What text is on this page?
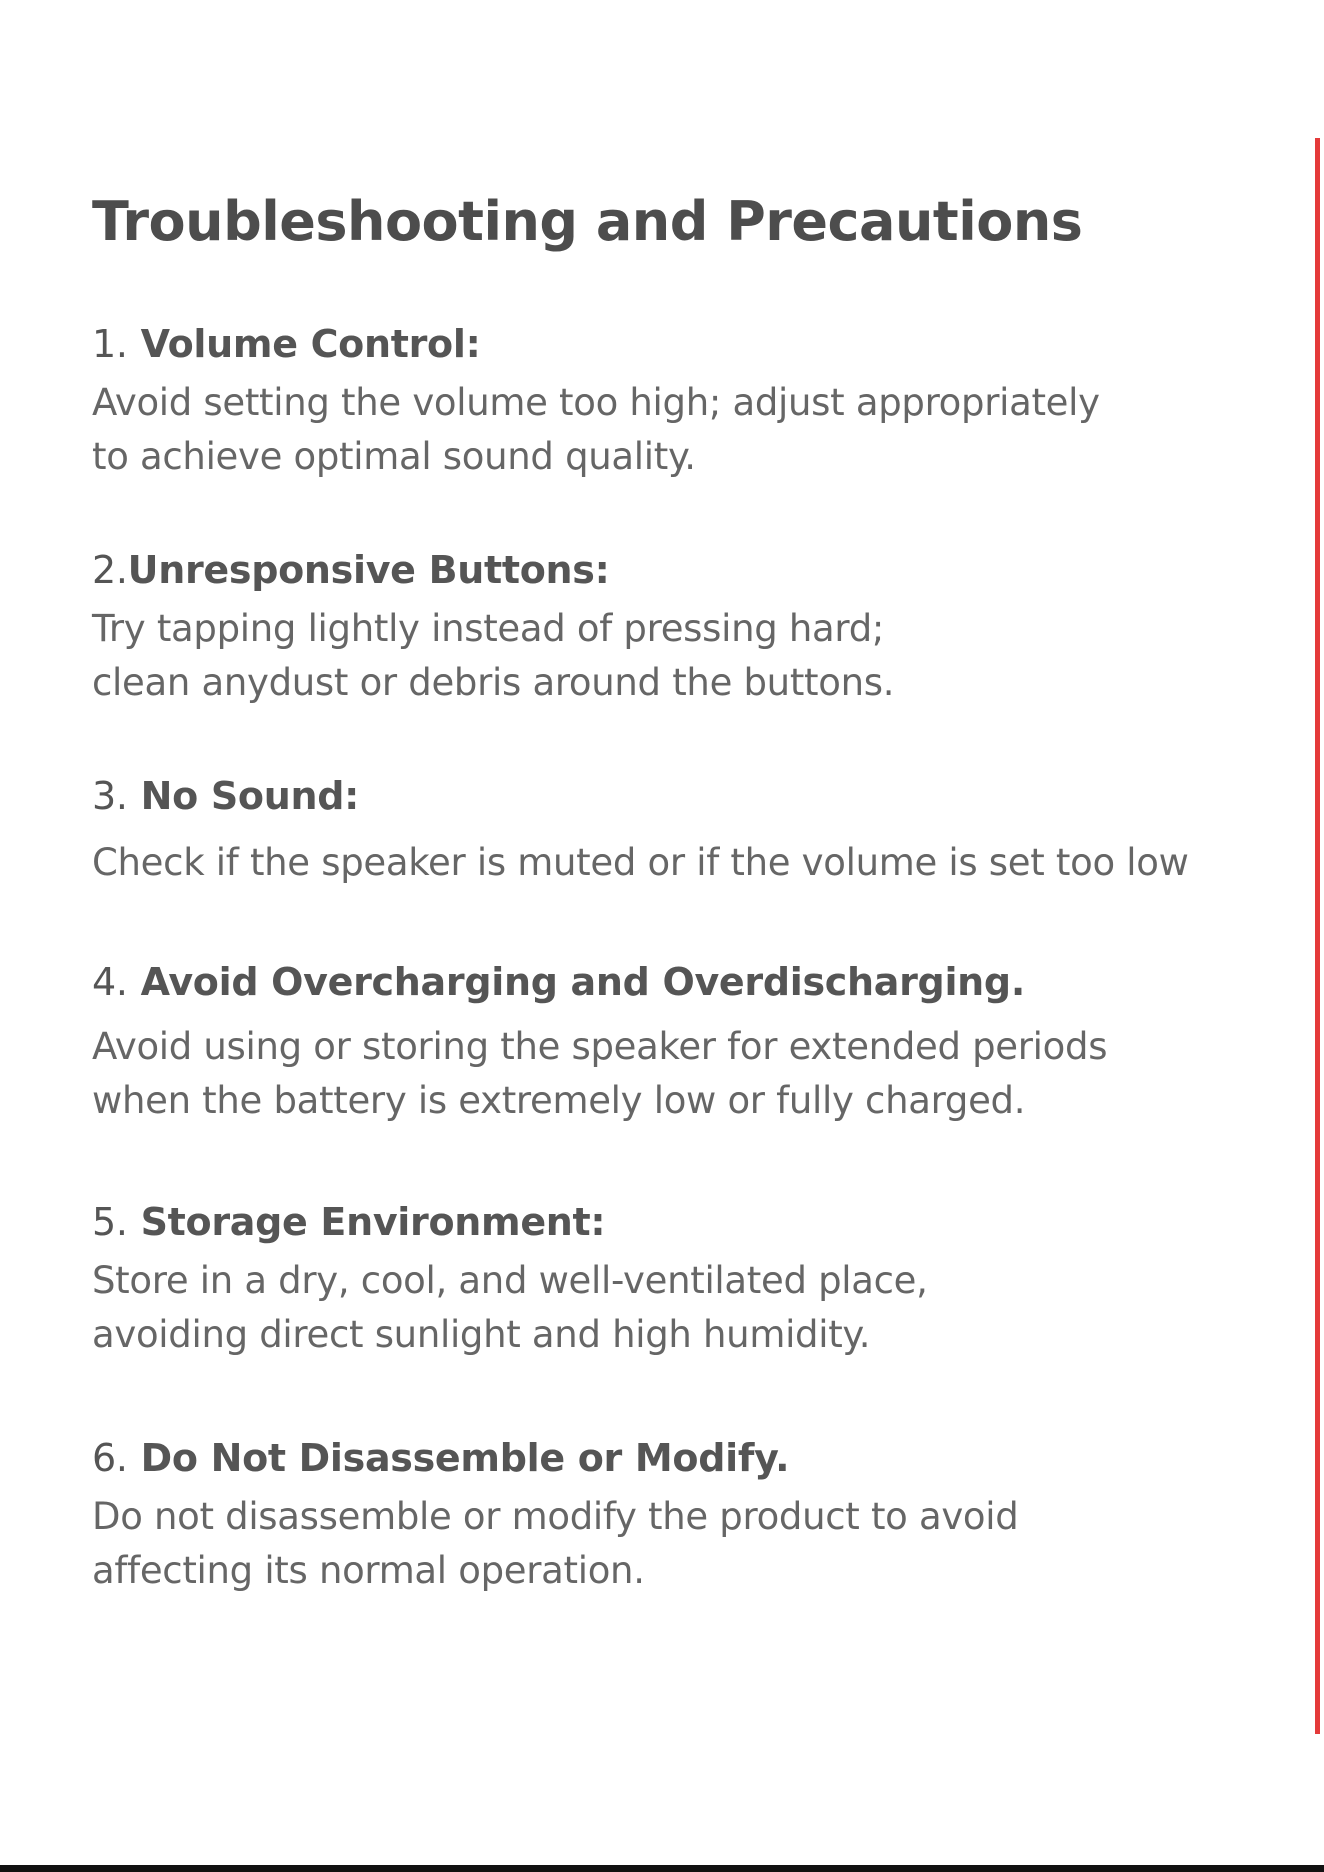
Troubleshooting and Precautions
1. Volume Control:

Avoid setting the volume too high; adjust appropriately
to achieve optimal sound quality.

2.Unresponsive Buttons:

Try tapping lightly instead of pressing hard;
clean anydust or debris around the buttons.

3. No Sound:

Check if the speaker is muted or if the volume is set too low

4. Avoid Overcharging and Overdischarging.

Avoid using or storing the speaker for extended periods
when the battery is extremely low or fully charged.

5. Storage Environment:

Store in a dry, cool, and well-ventilated place,
avoiding direct sunlight and high humidity.

6. Do Not Disassemble or Modify.

Do not disassemble or modify the product to avoid
affecting its normal operation.
